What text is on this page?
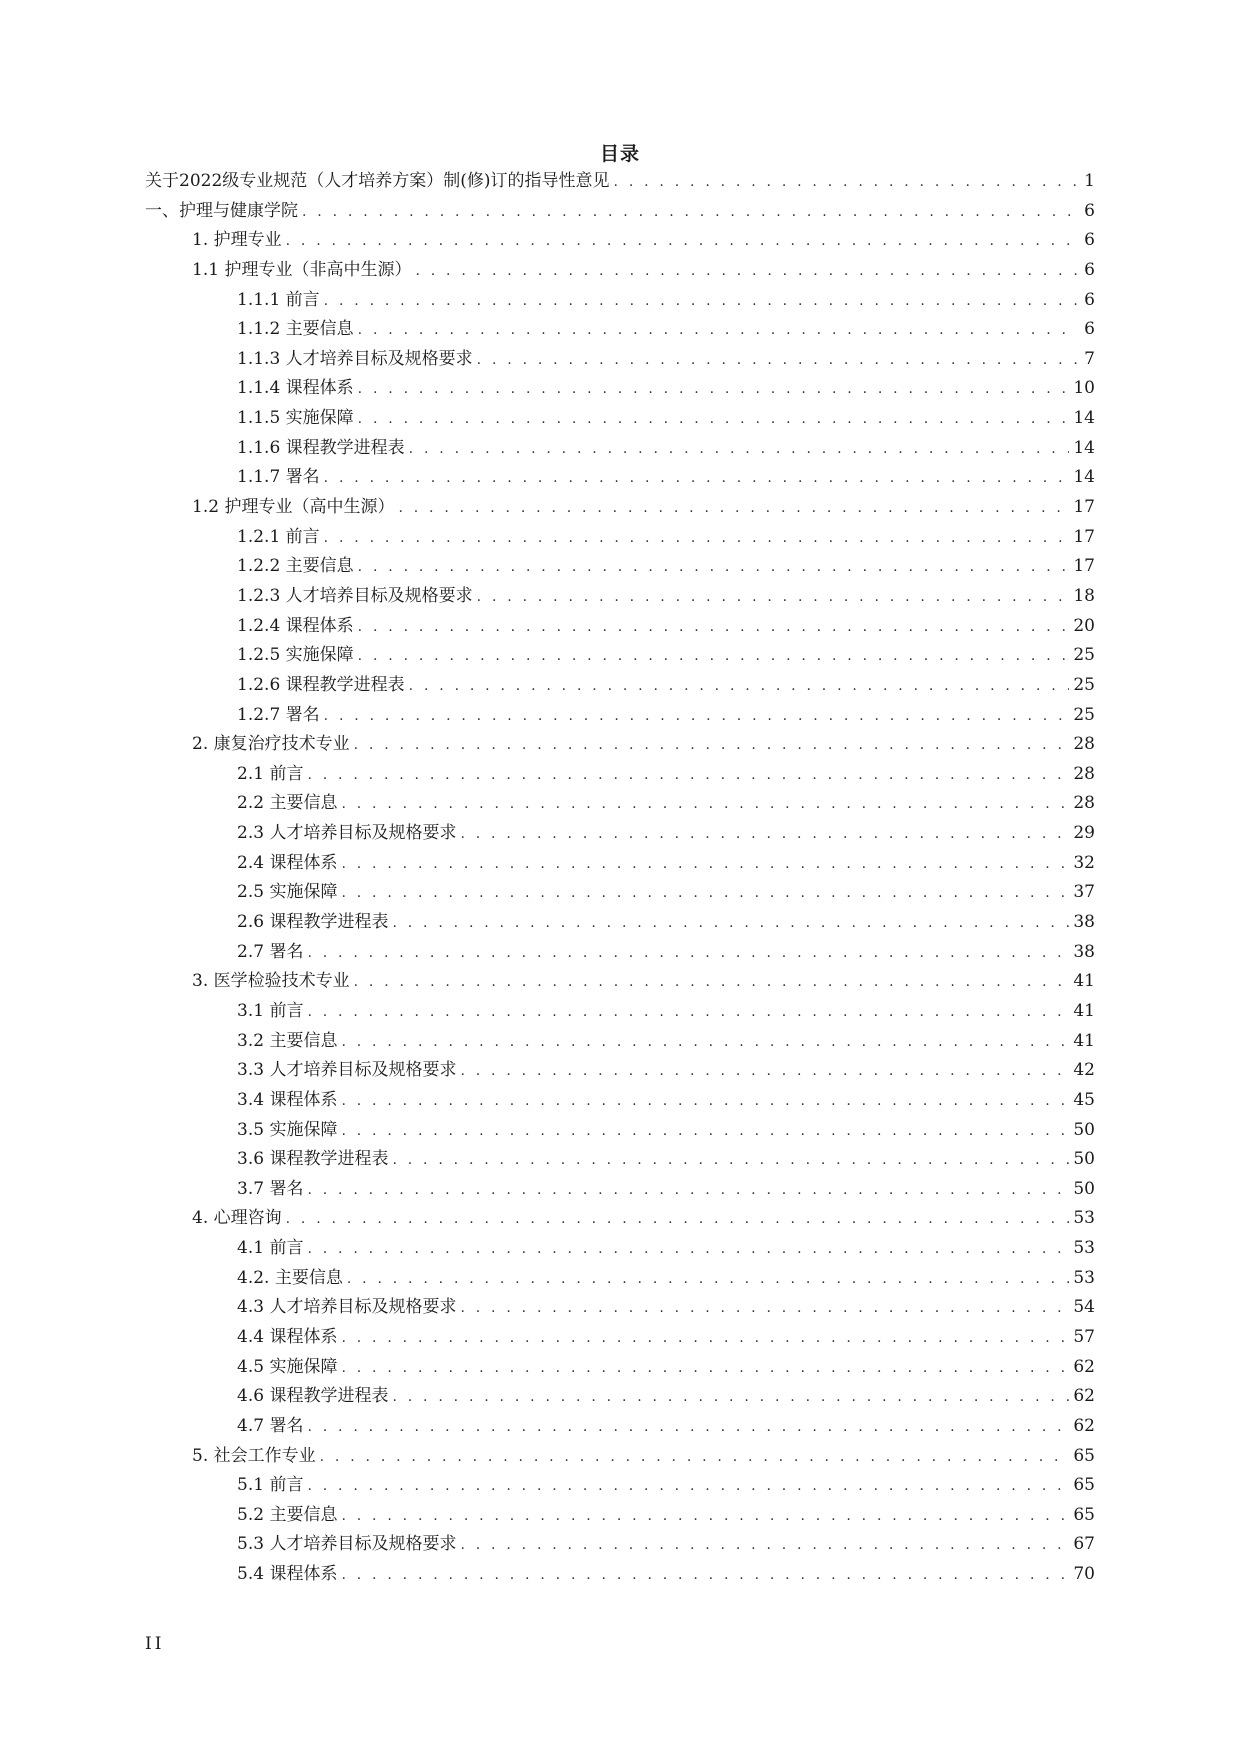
目录
关于2022级专业规范（人才培养方案）制(修)订的指导性意见 . . .	1
一、护理与健康学院 . . .	6
1. 护理专业 . . .	6
1.1 护理专业（非高中生源） . . .	6
1.1.1 前言 . . .	6
1.1.2 主要信息 . . .	6
1.1.3 人才培养目标及规格要求 . . .	7
1.1.4 课程体系 . . .	10
1.1.5 实施保障 . . .	14
1.1.6 课程教学进程表 . . .	14
1.1.7 署名 . . .	14
1.2 护理专业（高中生源） . . .	17
1.2.1 前言 . . .	17
1.2.2 主要信息 . . .	17
1.2.3 人才培养目标及规格要求 . . .	18
1.2.4 课程体系 . . .	20
1.2.5 实施保障 . . .	25
1.2.6 课程教学进程表 . . .	25
1.2.7 署名 . . .	25
2. 康复治疗技术专业 . . .	28
2.1 前言 . . .	28
2.2 主要信息 . . .	28
2.3 人才培养目标及规格要求 . . .	29
2.4 课程体系 . . .	32
2.5 实施保障 . . .	37
2.6 课程教学进程表 . . .	38
2.7 署名 . . .	38
3. 医学检验技术专业 . . .	41
3.1 前言 . . .	41
3.2 主要信息 . . .	41
3.3 人才培养目标及规格要求 . . .	42
3.4 课程体系 . . .	45
3.5 实施保障 . . .	50
3.6 课程教学进程表 . . .	50
3.7 署名 . . .	50
4. 心理咨询 . . .	53
4.1 前言 . . .	53
4.2. 主要信息 . . .	53
4.3 人才培养目标及规格要求 . . .	54
4.4 课程体系 . . .	57
4.5 实施保障 . . .	62
4.6 课程教学进程表 . . .	62
4.7 署名 . . .	62
5. 社会工作专业 . . .	65
5.1 前言 . . .	65
5.2 主要信息 . . .	65
5.3 人才培养目标及规格要求 . . .	67
5.4 课程体系 . . .	70
II
